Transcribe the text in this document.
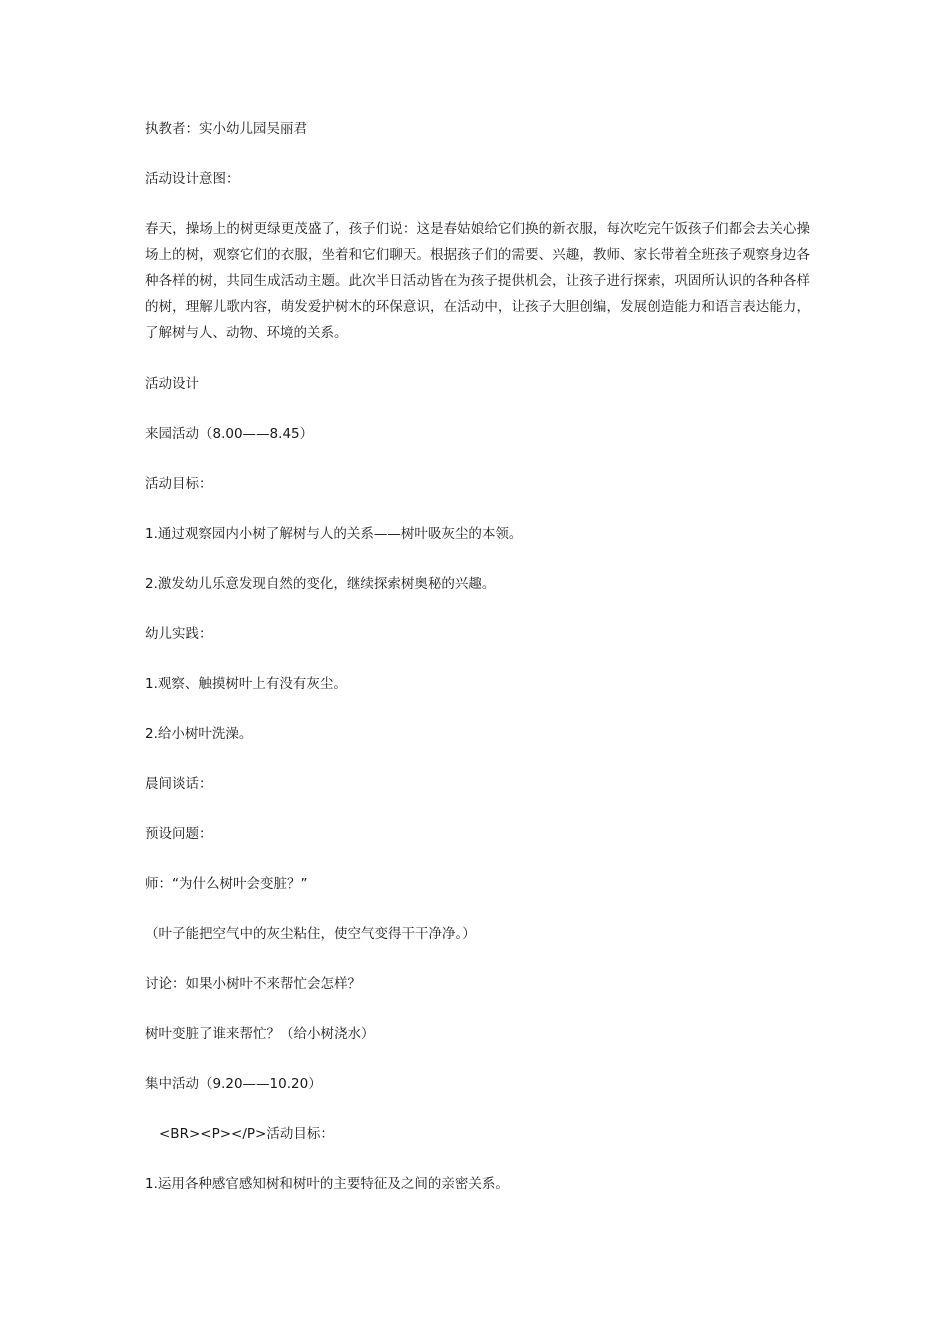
执教者：实小幼儿园吴丽君

活动设计意图：

春天，操场上的树更绿更茂盛了，孩子们说：这是春姑娘给它们换的新衣服，每次吃完午饭孩子们都会去关心操场上的树，观察它们的衣服，坐着和它们聊天。根据孩子们的需要、兴趣，教师、家长带着全班孩子观察身边各种各样的树，共同生成活动主题。此次半日活动皆在为孩子提供机会，让孩子进行探索，巩固所认识的各种各样的树，理解儿歌内容，萌发爱护树木的环保意识，在活动中，让孩子大胆创编，发展创造能力和语言表达能力，了解树与人、动物、环境的关系。

活动设计

来园活动（8.00——8.45）

活动目标：

1.通过观察园内小树了解树与人的关系——树叶吸灰尘的本领。

2.激发幼儿乐意发现自然的变化，继续探索树奥秘的兴趣。

幼儿实践：

1.观察、触摸树叶上有没有灰尘。

2.给小树叶洗澡。

晨间谈话：

预设问题：

师：“为什么树叶会变脏？”

（叶子能把空气中的灰尘粘住，使空气变得干干净净。）

讨论：如果小树叶不来帮忙会怎样？

树叶变脏了谁来帮忙？（给小树浇水）

集中活动（9.20——10.20）

<BR><P></P>活动目标：

1.运用各种感官感知树和树叶的主要特征及之间的亲密关系。
